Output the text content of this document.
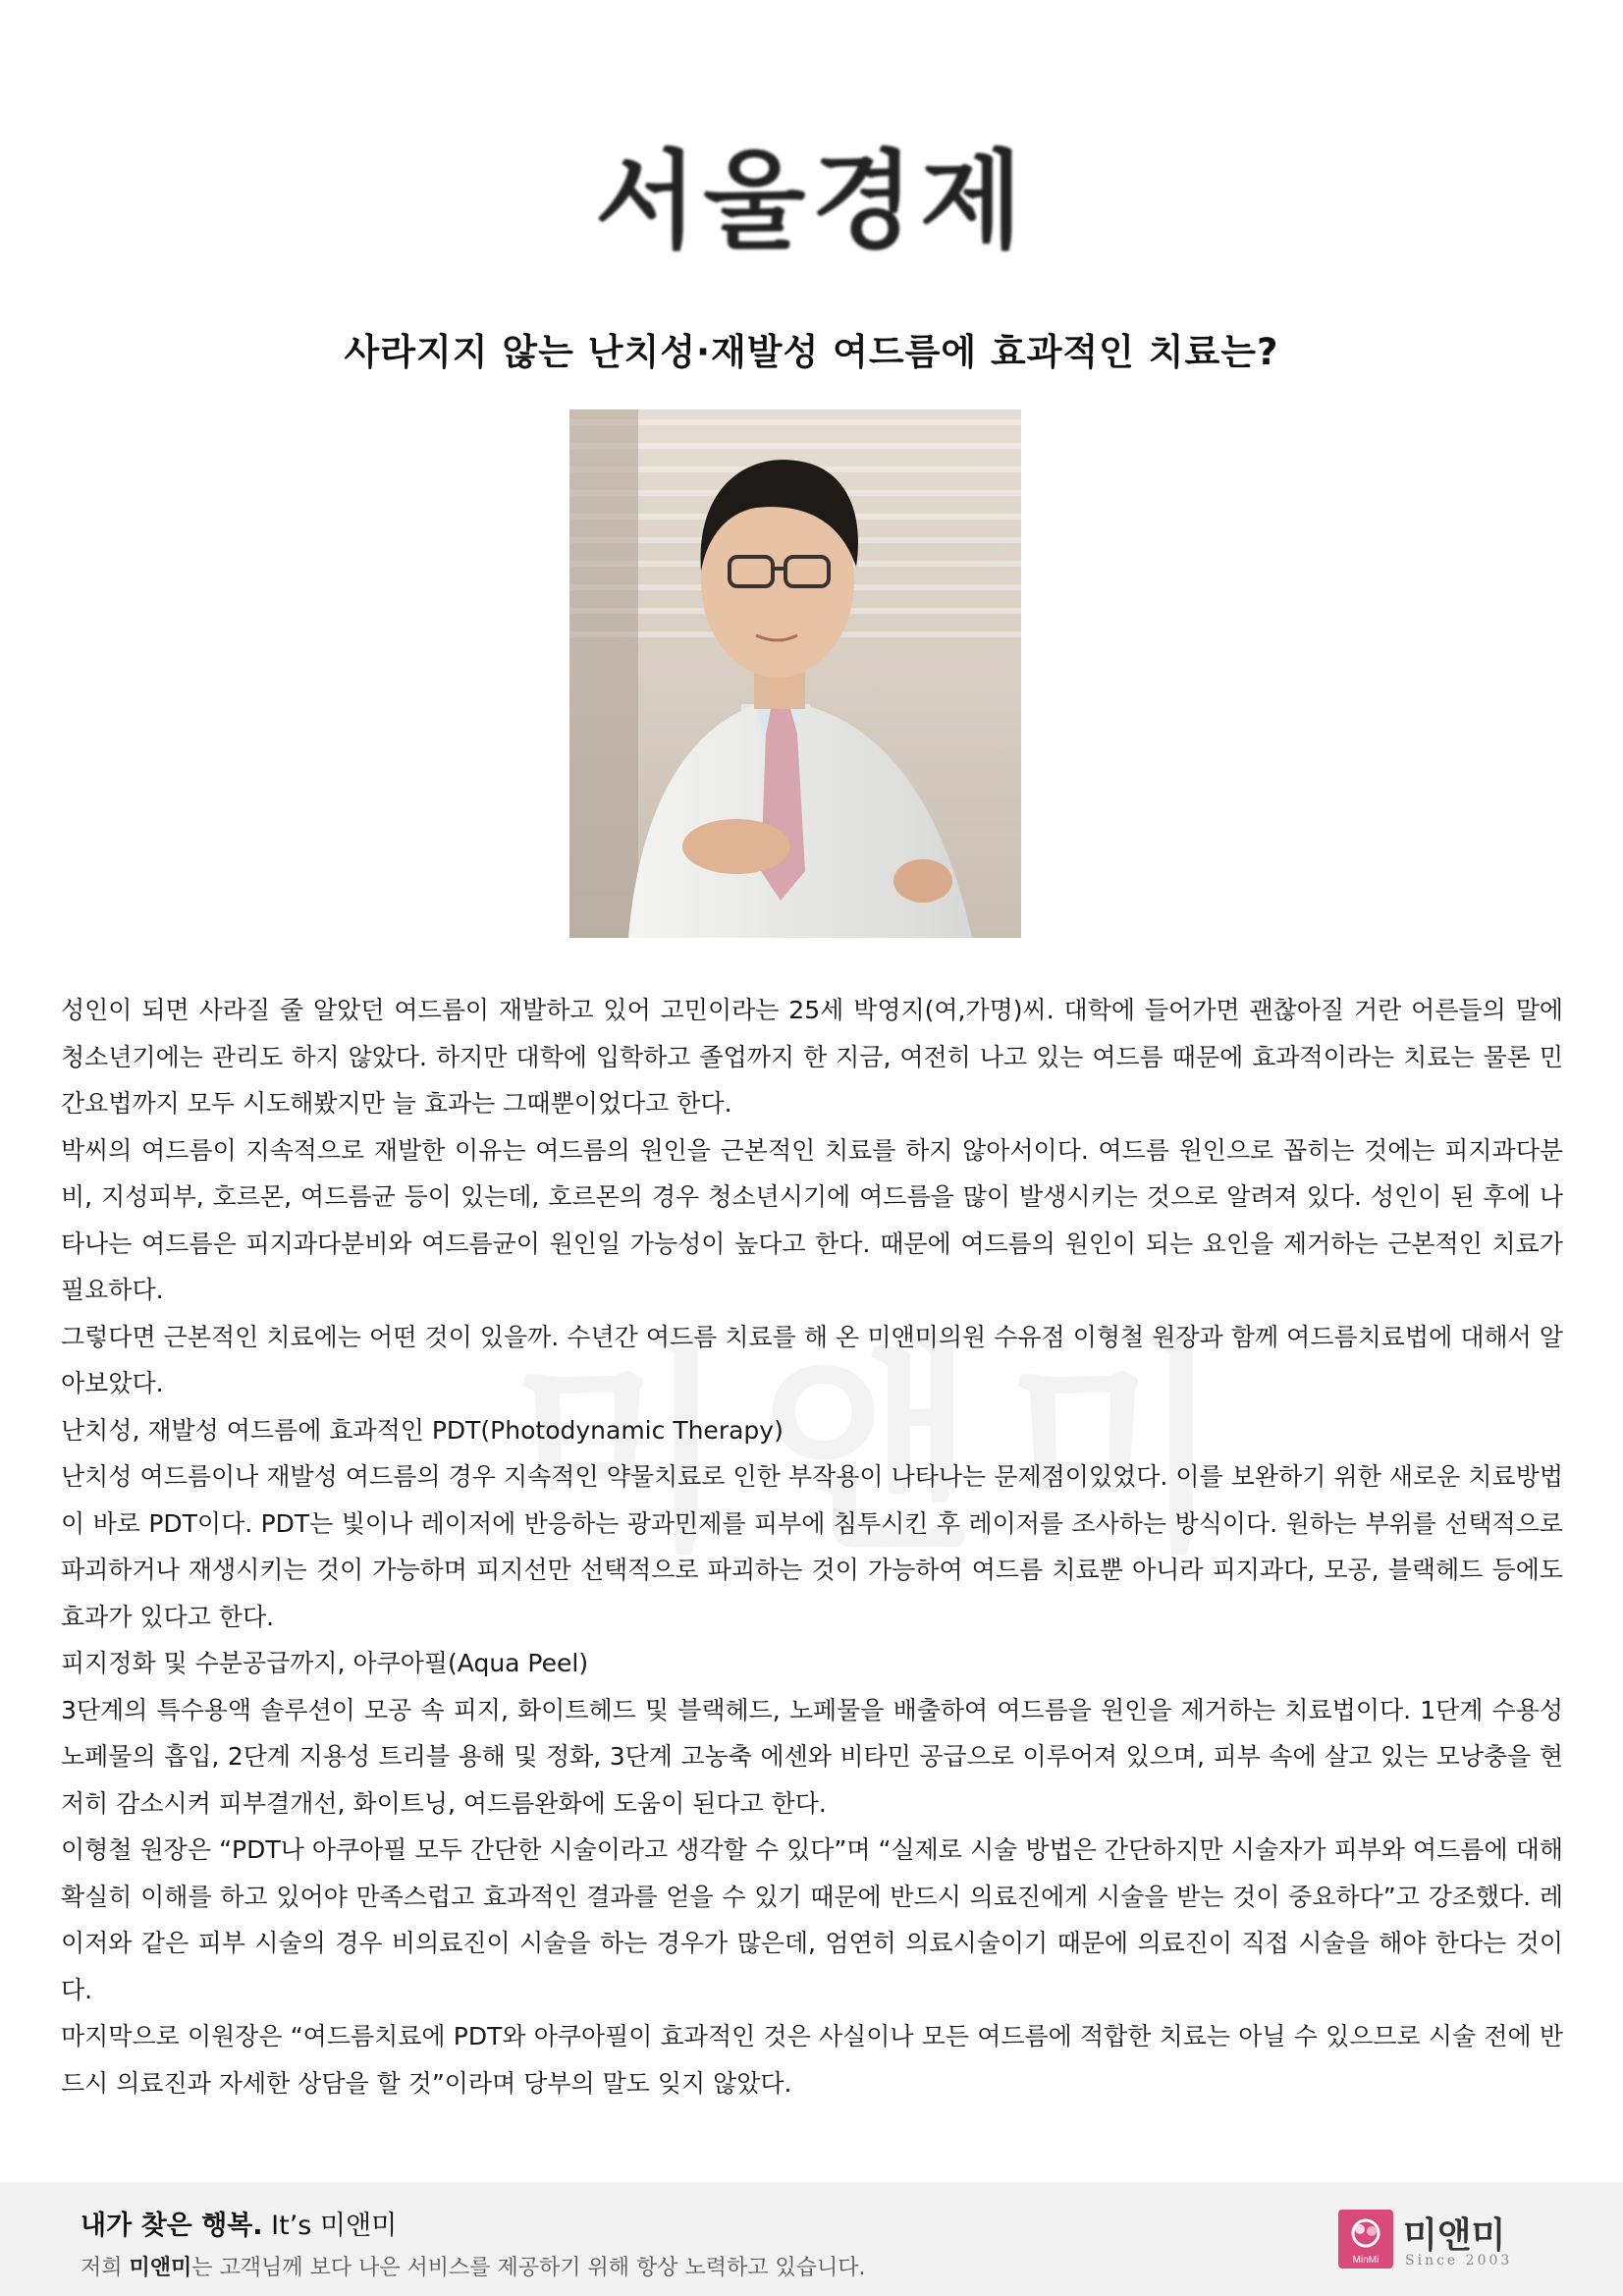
서울경제
사라지지 않는 난치성·재발성 여드름에 효과적인 치료는?

성인이 되면 사라질 줄 알았던 여드름이 재발하고 있어 고민이라는 25세 박영지(여,가명)씨. 대학에 들어가면 괜찮아질 거란 어른들의 말에 청소년기에는 관리도 하지 않았다. 하지만 대학에 입학하고 졸업까지 한 지금, 여전히 나고 있는 여드름 때문에 효과적이라는 치료는 물론 민간요법까지 모두 시도해봤지만 늘 효과는 그때뿐이었다고 한다.

박씨의 여드름이 지속적으로 재발한 이유는 여드름의 원인을 근본적인 치료를 하지 않아서이다. 여드름 원인으로 꼽히는 것에는 피지과다분비, 지성피부, 호르몬, 여드름균 등이 있는데, 호르몬의 경우 청소년시기에 여드름을 많이 발생시키는 것으로 알려져 있다. 성인이 된 후에 나타나는 여드름은 피지과다분비와 여드름균이 원인일 가능성이 높다고 한다. 때문에 여드름의 원인이 되는 요인을 제거하는 근본적인 치료가 필요하다.

그렇다면 근본적인 치료에는 어떤 것이 있을까. 수년간 여드름 치료를 해 온 미앤미의원 수유점 이형철 원장과 함께 여드름치료법에 대해서 알아보았다.

난치성, 재발성 여드름에 효과적인 PDT(Photodynamic Therapy)

난치성 여드름이나 재발성 여드름의 경우 지속적인 약물치료로 인한 부작용이 나타나는 문제점이있었다. 이를 보완하기 위한 새로운 치료방법이 바로 PDT이다. PDT는 빛이나 레이저에 반응하는 광과민제를 피부에 침투시킨 후 레이저를 조사하는 방식이다. 원하는 부위를 선택적으로 파괴하거나 재생시키는 것이 가능하며 피지선만 선택적으로 파괴하는 것이 가능하여 여드름 치료뿐 아니라 피지과다, 모공, 블랙헤드 등에도 효과가 있다고 한다.

피지정화 및 수분공급까지, 아쿠아필(Aqua Peel)

3단계의 특수용액 솔루션이 모공 속 피지, 화이트헤드 및 블랙헤드, 노페물을 배출하여 여드름을 원인을 제거하는 치료법이다. 1단계 수용성 노페물의 흡입, 2단계 지용성 트리블 용해 및 정화, 3단계 고농축 에센와 비타민 공급으로 이루어져 있으며, 피부 속에 살고 있는 모낭충을 현저히 감소시켜 피부결개선, 화이트닝, 여드름완화에 도움이 된다고 한다.

이형철 원장은 “PDT나 아쿠아필 모두 간단한 시술이라고 생각할 수 있다”며 “실제로 시술 방법은 간단하지만 시술자가 피부와 여드름에 대해 확실히 이해를 하고 있어야 만족스럽고 효과적인 결과를 얻을 수 있기 때문에 반드시 의료진에게 시술을 받는 것이 중요하다”고 강조했다. 레이저와 같은 피부 시술의 경우 비의료진이 시술을 하는 경우가 많은데, 엄연히 의료시술이기 때문에 의료진이 직접 시술을 해야 한다는 것이다.

마지막으로 이원장은 “여드름치료에 PDT와 아쿠아필이 효과적인 것은 사실이나 모든 여드름에 적합한 치료는 아닐 수 있으므로 시술 전에 반드시 의료진과 자세한 상담을 할 것”이라며 당부의 말도 잊지 않았다.

내가 찾은 행복. It’s 미앤미
저희 미앤미는 고객님께 보다 나은 서비스를 제공하기 위해 항상 노력하고 있습니다.	MinMi
미앤미
Since 2003
